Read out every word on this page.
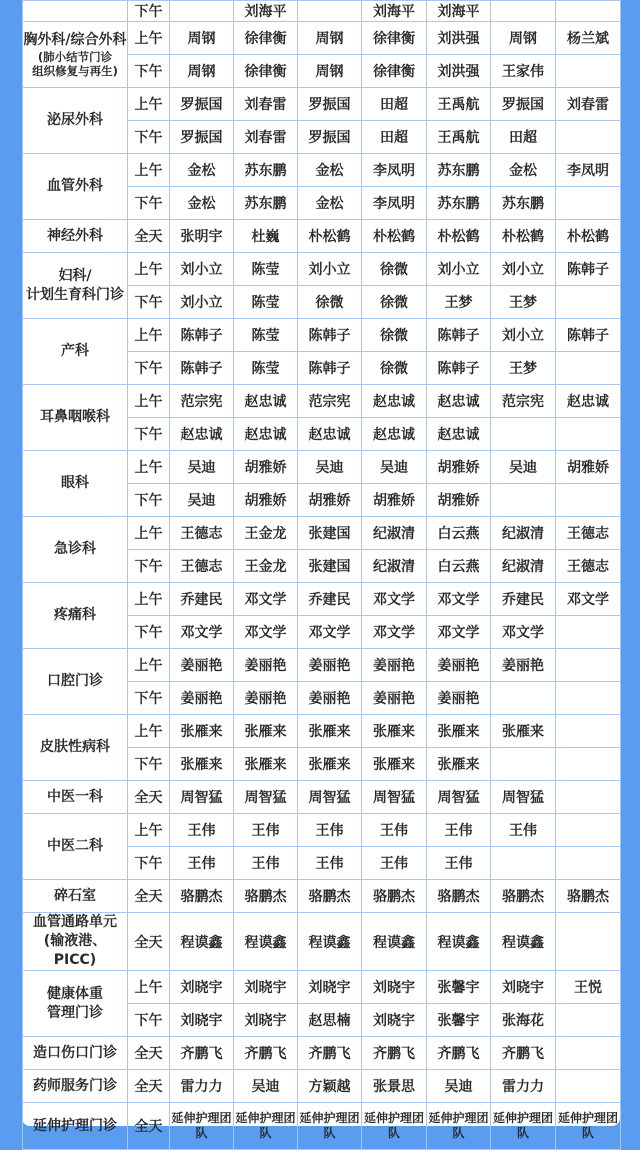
	下午		刘海平		刘海平	刘海平		

胸外科/综合外科
(肺小结节门诊
组织修复与再生)	上午	周钢	徐律衡	周钢	徐律衡	刘洪强	周钢	杨兰斌
	下午	周钢	徐律衡	周钢	徐律衡	刘洪强	王家伟	

泌尿外科	上午	罗振国	刘春雷	罗振国	田超	王禹航	罗振国	刘春雷
	下午	罗振国	刘春雷	罗振国	田超	王禹航	田超	

血管外科	上午	金松	苏东鹏	金松	李凤明	苏东鹏	金松	李凤明
	下午	金松	苏东鹏	金松	李凤明	苏东鹏	苏东鹏	

神经外科	全天	张明宇	杜巍	朴松鹤	朴松鹤	朴松鹤	朴松鹤	朴松鹤

妇科/
计划生育科门诊	上午	刘小立	陈莹	刘小立	徐微	刘小立	刘小立	陈韩子
	下午	刘小立	陈莹	徐微	徐微	王梦	王梦	

产科	上午	陈韩子	陈莹	陈韩子	徐微	陈韩子	刘小立	陈韩子
	下午	陈韩子	陈莹	陈韩子	徐微	陈韩子	王梦	

耳鼻咽喉科	上午	范宗宪	赵忠诚	范宗宪	赵忠诚	赵忠诚	范宗宪	赵忠诚
	下午	赵忠诚	赵忠诚	赵忠诚	赵忠诚	赵忠诚		

眼科	上午	吴迪	胡雅娇	吴迪	吴迪	胡雅娇	吴迪	胡雅娇
	下午	吴迪	胡雅娇	胡雅娇	胡雅娇	胡雅娇		

急诊科	上午	王德志	王金龙	张建国	纪淑清	白云燕	纪淑清	王德志
	下午	王德志	王金龙	张建国	纪淑清	白云燕	纪淑清	王德志

疼痛科	上午	乔建民	邓文学	乔建民	邓文学	邓文学	乔建民	邓文学
	下午	邓文学	邓文学	邓文学	邓文学	邓文学	邓文学	

口腔门诊	上午	姜丽艳	姜丽艳	姜丽艳	姜丽艳	姜丽艳	姜丽艳	
	下午	姜丽艳	姜丽艳	姜丽艳	姜丽艳	姜丽艳		

皮肤性病科	上午	张雁来	张雁来	张雁来	张雁来	张雁来	张雁来	
	下午	张雁来	张雁来	张雁来	张雁来	张雁来		

中医一科	全天	周智猛	周智猛	周智猛	周智猛	周智猛	周智猛	

中医二科	上午	王伟	王伟	王伟	王伟	王伟	王伟	
	下午	王伟	王伟	王伟	王伟	王伟		

碎石室	全天	骆鹏杰	骆鹏杰	骆鹏杰	骆鹏杰	骆鹏杰	骆鹏杰	骆鹏杰

血管通路单元
(输液港、PICC)	全天	程谟鑫	程谟鑫	程谟鑫	程谟鑫	程谟鑫	程谟鑫	

健康体重
管理门诊	上午	刘晓宇	刘晓宇	刘晓宇	刘晓宇	张馨宇	刘晓宇	王悦
	下午	刘晓宇	刘晓宇	赵思楠	刘晓宇	张馨宇	张海花	

造口伤口门诊	全天	齐鹏飞	齐鹏飞	齐鹏飞	齐鹏飞	齐鹏飞	齐鹏飞	

药师服务门诊	全天	雷力力	吴迪	方颖越	张景思	吴迪	雷力力	

延伸护理门诊	全天	延伸护理团队	延伸护理团队	延伸护理团队	延伸护理团队	延伸护理团队	延伸护理团队	延伸护理团队
